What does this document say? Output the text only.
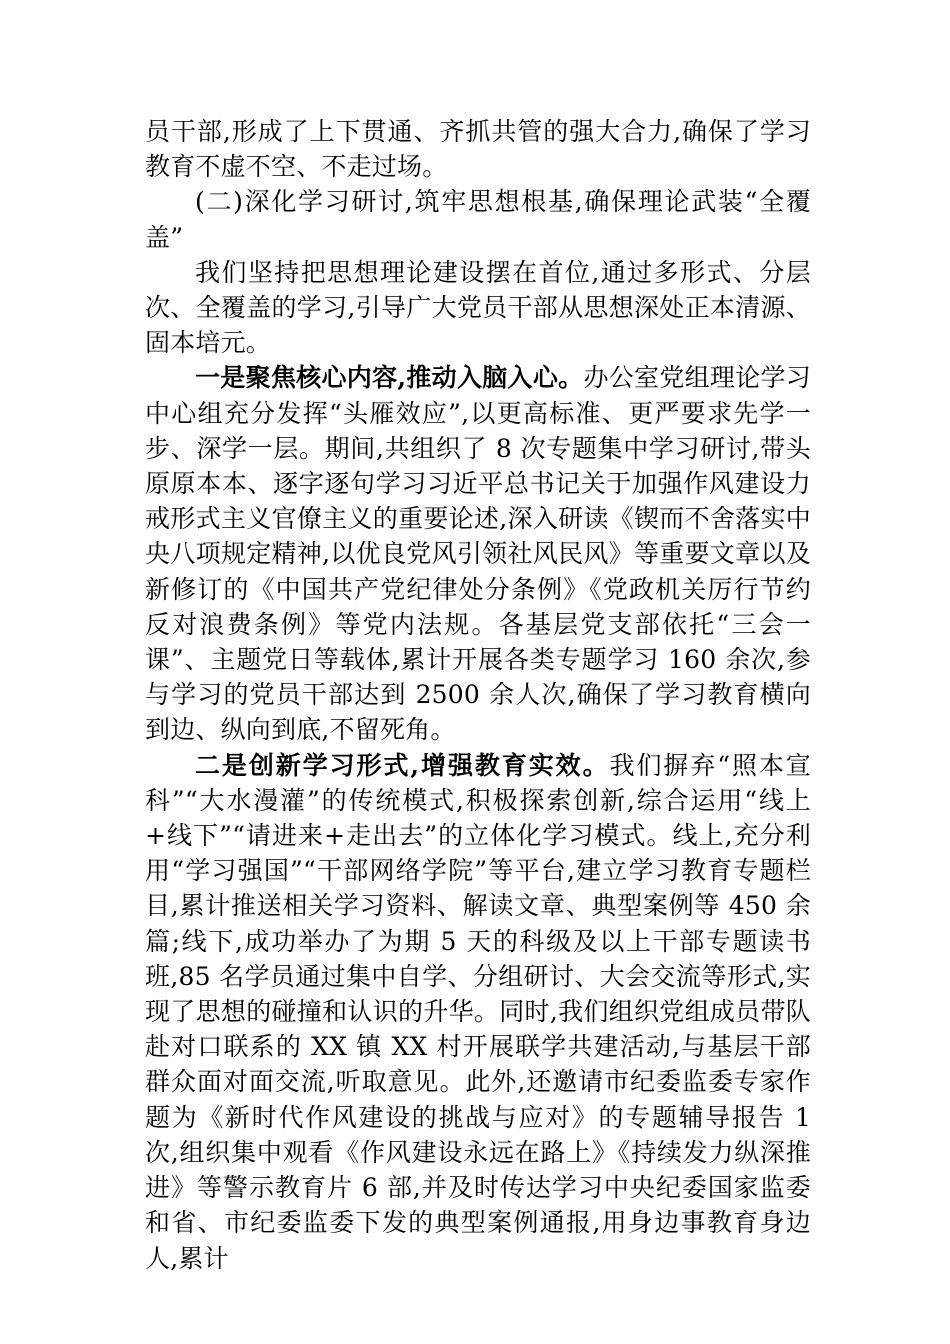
员干部,形成了上下贯通、齐抓共管的强大合力,确保了学习教育不虚不空、不走过场。

(二)深化学习研讨,筑牢思想根基,确保理论武装“全覆盖”

我们坚持把思想理论建设摆在首位,通过多形式、分层次、全覆盖的学习,引导广大党员干部从思想深处正本清源、固本培元。

一是聚焦核心内容,推动入脑入心。办公室党组理论学习中心组充分发挥“头雁效应”,以更高标准、更严要求先学一步、深学一层。期间,共组织了 8 次专题集中学习研讨,带头原原本本、逐字逐句学习习近平总书记关于加强作风建设力戒形式主义官僚主义的重要论述,深入研读《锲而不舍落实中央八项规定精神,以优良党风引领社风民风》等重要文章以及新修订的《中国共产党纪律处分条例》《党政机关厉行节约反对浪费条例》等党内法规。各基层党支部依托“三会一课”、主题党日等载体,累计开展各类专题学习 160 余次,参与学习的党员干部达到 2500 余人次,确保了学习教育横向到边、纵向到底,不留死角。

二是创新学习形式,增强教育实效。我们摒弃“照本宣科”“大水漫灌”的传统模式,积极探索创新,综合运用“线上+线下”“请进来+走出去”的立体化学习模式。线上,充分利用“学习强国”“干部网络学院”等平台,建立学习教育专题栏目,累计推送相关学习资料、解读文章、典型案例等 450 余篇;线下,成功举办了为期 5 天的科级及以上干部专题读书班,85 名学员通过集中自学、分组研讨、大会交流等形式,实现了思想的碰撞和认识的升华。同时,我们组织党组成员带队赴对口联系的 XX 镇 XX 村开展联学共建活动,与基层干部群众面对面交流,听取意见。此外,还邀请市纪委监委专家作题为《新时代作风建设的挑战与应对》的专题辅导报告 1 次,组织集中观看《作风建设永远在路上》《持续发力纵深推进》等警示教育片 6 部,并及时传达学习中央纪委国家监委和省、市纪委监委下发的典型案例通报,用身边事教育身边人,累计
